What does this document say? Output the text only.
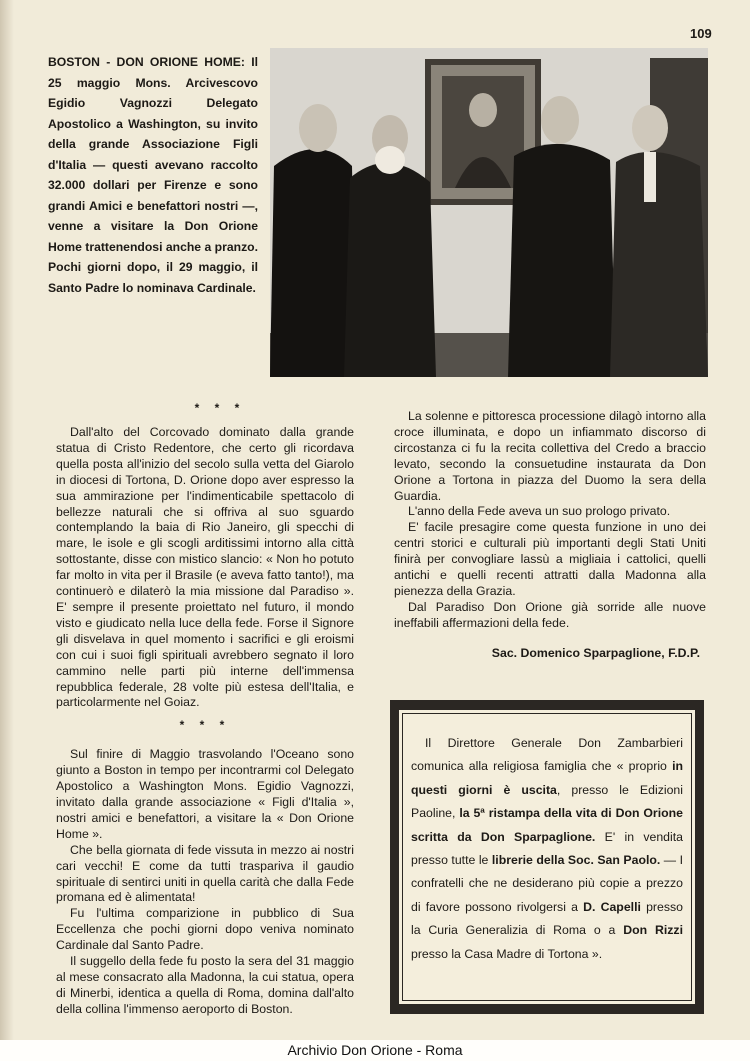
109

BOSTON - DON ORIONE HOME: Il 25 maggio Mons. Arcivescovo Egidio Vagnozzi Delegato Apostolico a Washington, su invito della grande Associazione Figli d'Italia — questi avevano raccolto 32.000 dollari per Firenze e sono grandi Amici e benefattori nostri —, venne a visitare la Don Orione Home trattenendosi anche a pranzo. Pochi giorni dopo, il 29 maggio, il Santo Padre lo nominava Cardinale.

* * *

Dall'alto del Corcovado dominato dalla grande statua di Cristo Redentore, che certo gli ricordava quella posta all'inizio del secolo sulla vetta del Giarolo in diocesi di Tortona, D. Orione dopo aver espresso la sua ammirazione per l'indimenticabile spettacolo di bellezze naturali che si offriva al suo sguardo contemplando la baia di Rio Janeiro, gli specchi di mare, le isole e gli scogli arditissimi intorno alla città sottostante, disse con mistico slancio: « Non ho potuto far molto in vita per il Brasile (e aveva fatto tanto!), ma continuerò e dilaterò la mia missione dal Paradiso ». E' sempre il presente proiettato nel futuro, il mondo visto e giudicato nella luce della fede. Forse il Signore gli disvelava in quel momento i sacrifici e gli eroismi con cui i suoi figli spirituali avrebbero segnato il loro cammino nelle parti più interne dell'immensa repubblica federale, 28 volte più estesa dell'Italia, e particolarmente nel Goiaz.

* * *

Sul finire di Maggio trasvolando l'Oceano sono giunto a Boston in tempo per incontrarmi col Delegato Apostolico a Washington Mons. Egidio Vagnozzi, invitato dalla grande associazione « Figli d'Italia », nostri amici e benefattori, a visitare la « Don Orione Home ».

Che bella giornata di fede vissuta in mezzo ai nostri cari vecchi! E come da tutti traspariva il gaudio spirituale di sentirci uniti in quella carità che dalla Fede promana ed è alimentata!

Fu l'ultima comparizione in pubblico di Sua Eccellenza che pochi giorni dopo veniva nominato Cardinale dal Santo Padre.

Il suggello della fede fu posto la sera del 31 maggio al mese consacrato alla Madonna, la cui statua, opera di Minerbi, identica a quella di Roma, domina dall'alto della collina l'immenso aeroporto di Boston.

La solenne e pittoresca processione dilagò intorno alla croce illuminata, e dopo un infiammato discorso di circostanza ci fu la recita collettiva del Credo a braccio levato, secondo la consuetudine instaurata da Don Orione a Tortona in piazza del Duomo la sera della Guardia.

L'anno della Fede aveva un suo prologo privato.

E' facile presagire come questa funzione in uno dei centri storici e culturali più importanti degli Stati Uniti finirà per convogliare lassù a migliaia i cattolici, quelli antichi e quelli recenti attratti dalla Madonna alla pienezza della Grazia.

Dal Paradiso Don Orione già sorride alle nuove ineffabili affermazioni della fede.

Sac. Domenico Sparpaglione, F.D.P.
Il Direttore Generale Don Zambarbieri comunica alla religiosa famiglia che « proprio in questi giorni è uscita, presso le Edizioni Paoline, la 5ª ristampa della vita di Don Orione scritta da Don Sparpaglione. E' in vendita presso tutte le librerie della Soc. San Paolo. — I confratelli che ne desiderano più copie a prezzo di favore possono rivolgersi a D. Capelli presso la Curia Generalizia di Roma o a Don Rizzi presso la Casa Madre di Tortona ».
Archivio Don Orione - Roma
